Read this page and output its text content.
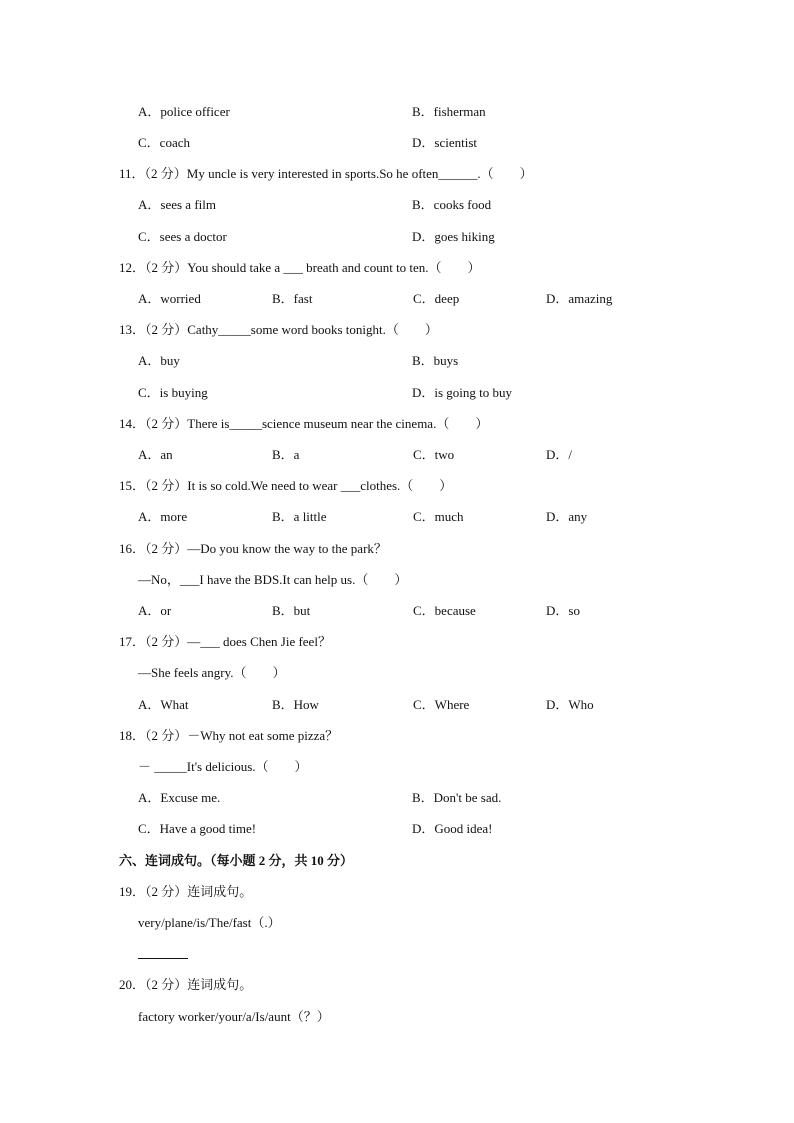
A．police officer	B．fisherman
C．coach	D．scientist
11．（2 分）My uncle is very interested in sports.So he often______.（　　）
A．sees a film	B．cooks food
C．sees a doctor	D．goes hiking
12．（2 分）You should take a ___ breath and count to ten.（　　）
A．worried	B．fast	C．deep	D．amazing
13．（2 分）Cathy_____some word books tonight.（　　）
A．buy	B．buys
C．is buying	D．is going to buy
14．（2 分）There is_____science museum near the cinema.（　　）
A．an	B．a	C．two	D．/
15．（2 分）It is so cold.We need to wear ___clothes.（　　）
A．more	B．a little	C．much	D．any
16．（2 分）—Do you know the way to the park？
—No，___I have the BDS.It can help us.（　　）
A．or	B．but	C．because	D．so
17．（2 分）—___ does Chen Jie feel？
—She feels angry.（　　）
A．What	B．How	C．Where	D．Who
18．（2 分）－Why not eat some pizza？
－ _____It's delicious.（　　）
A．Excuse me.	B．Don't be sad.
C．Have a good time!	D．Good idea!
六、连词成句。（每小题 2 分，共 10 分）
19．（2 分）连词成句。
very/plane/is/The/fast（.）
20．（2 分）连词成句。
factory worker/your/a/Is/aunt（？）
